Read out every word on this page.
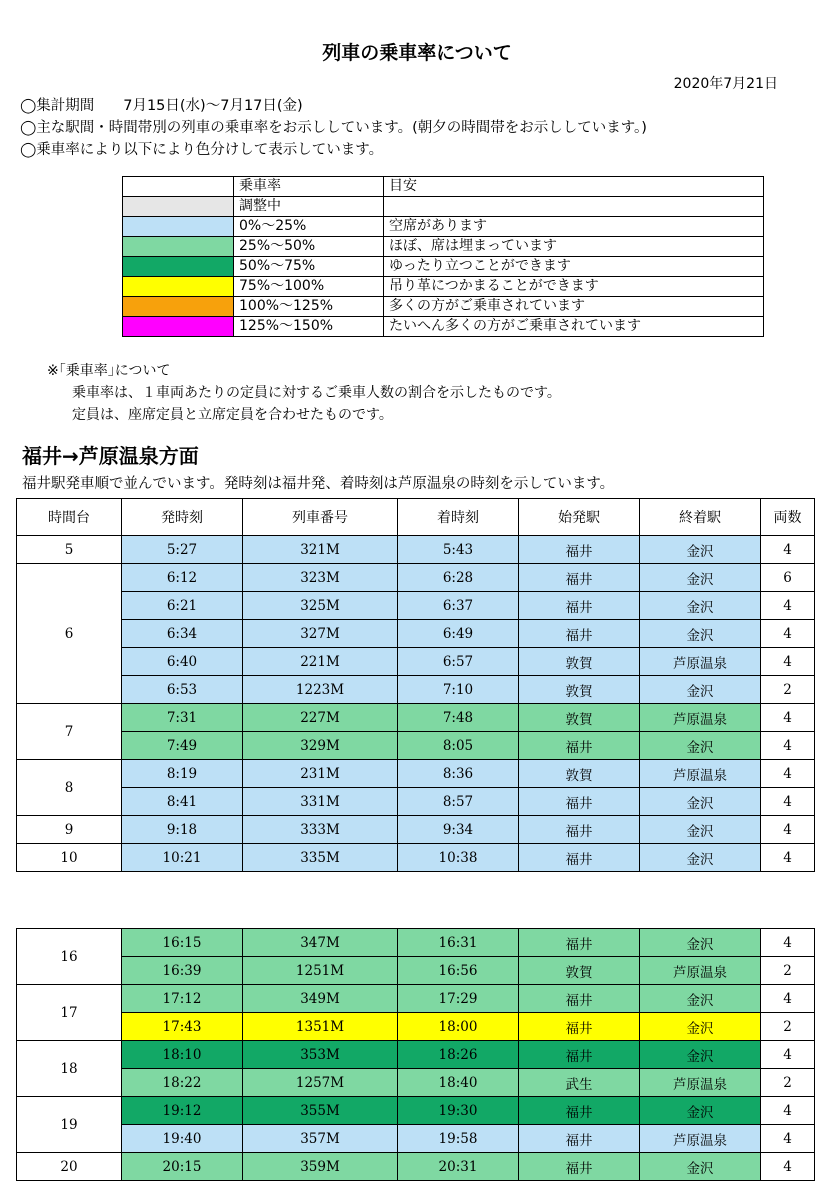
列車の乗車率について
2020年7月21日
◯集計期間　　7月15日(水)～7月17日(金)
◯主な駅間・時間帯別の列車の乗車率をお示ししています。(朝夕の時間帯をお示ししています。)
◯乗車率により以下により色分けして表示しています。
	乗車率	目安
	調整中	
	0%～25%	空席があります
	25%～50%	ほぼ、席は埋まっています
	50%～75%	ゆったり立つことができます
	75%～100%	吊り革につかまることができます
	100%～125%	多くの方がご乗車されています
	125%～150%	たいへん多くの方がご乗車されています
※｢乗車率｣について
乗車率は、１車両あたりの定員に対するご乗車人数の割合を示したものです。
定員は、座席定員と立席定員を合わせたものです。
福井→芦原温泉方面
福井駅発車順で並んでいます。発時刻は福井発、着時刻は芦原温泉の時刻を示しています。
時間台	発時刻	列車番号	着時刻	始発駅	終着駅	両数
5	5:27	321M	5:43	福井	金沢	4
6	6:12	323M	6:28	福井	金沢	6
	6:21	325M	6:37	福井	金沢	4
	6:34	327M	6:49	福井	金沢	4
	6:40	221M	6:57	敦賀	芦原温泉	4
	6:53	1223M	7:10	敦賀	金沢	2
7	7:31	227M	7:48	敦賀	芦原温泉	4
	7:49	329M	8:05	福井	金沢	4
8	8:19	231M	8:36	敦賀	芦原温泉	4
	8:41	331M	8:57	福井	金沢	4
9	9:18	333M	9:34	福井	金沢	4
10	10:21	335M	10:38	福井	金沢	4
16	16:15	347M	16:31	福井	金沢	4
	16:39	1251M	16:56	敦賀	芦原温泉	2
17	17:12	349M	17:29	福井	金沢	4
	17:43	1351M	18:00	福井	金沢	2
18	18:10	353M	18:26	福井	金沢	4
	18:22	1257M	18:40	武生	芦原温泉	2
19	19:12	355M	19:30	福井	金沢	4
	19:40	357M	19:58	福井	芦原温泉	4
20	20:15	359M	20:31	福井	金沢	4
